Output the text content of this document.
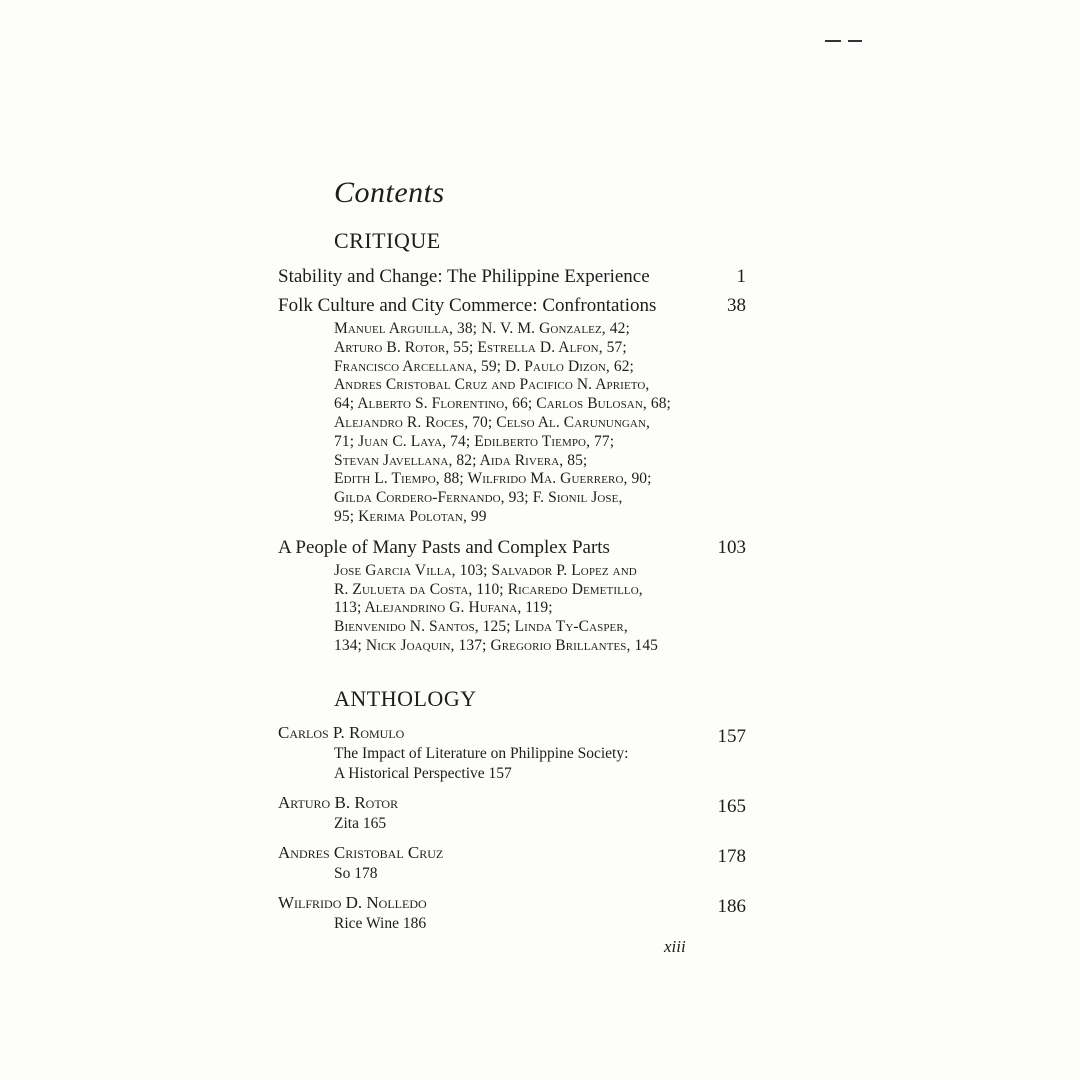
Contents
CRITIQUE
Stability and Change: The Philippine Experience	1
Folk Culture and City Commerce: Confrontations	38

Manuel Arguilla, 38; N. V. M. Gonzalez, 42;

Arturo B. Rotor, 55; Estrella D. Alfon, 57;

Francisco Arcellana, 59; D. Paulo Dizon, 62;

Andres Cristobal Cruz and Pacifico N. Aprieto,

64; Alberto S. Florentino, 66; Carlos Bulosan, 68;

Alejandro R. Roces, 70; Celso Al. Carunungan,

71; Juan C. Laya, 74; Edilberto Tiempo, 77;

Stevan Javellana, 82; Aida Rivera, 85;

Edith L. Tiempo, 88; Wilfrido Ma. Guerrero, 90;

Gilda Cordero-Fernando, 93; F. Sionil Jose,

95; Kerima Polotan, 99

A People of Many Pasts and Complex Parts	103

Jose Garcia Villa, 103; Salvador P. Lopez and

R. Zulueta da Costa, 110; Ricaredo Demetillo,

113; Alejandrino G. Hufana, 119;

Bienvenido N. Santos, 125; Linda Ty-Casper,

134; Nick Joaquin, 137; Gregorio Brillantes, 145

ANTHOLOGY
Carlos P. Romulo	157

The Impact of Literature on Philippine Society:

A Historical Perspective 157

Arturo B. Rotor	165

Zita 165

Andres Cristobal Cruz	178

So 178

Wilfrido D. Nolledo	186

Rice Wine 186

xiii
